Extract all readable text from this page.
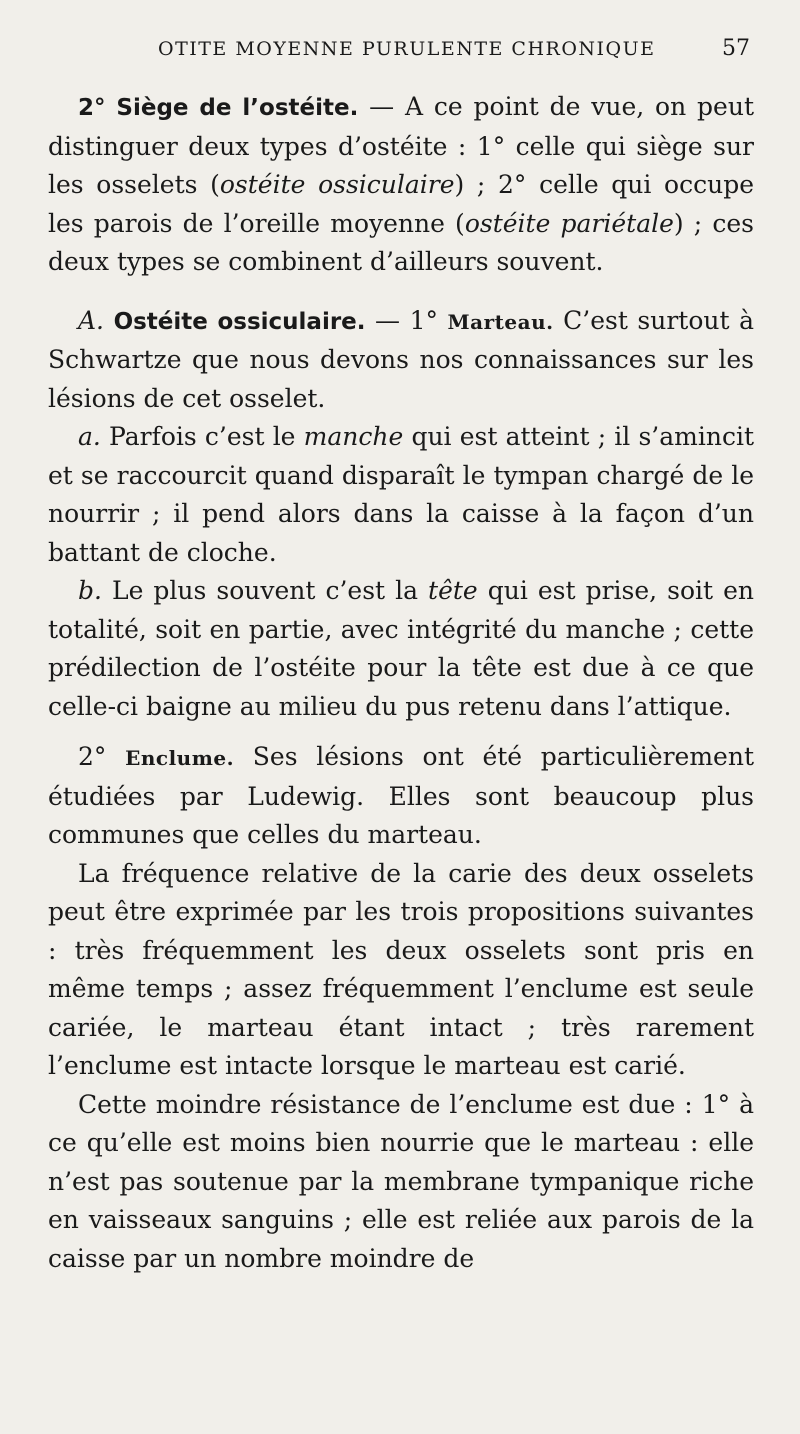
OTITE MOYENNE PURULENTE CHRONIQUE	57

2° Siège de l’ostéite. — A ce point de vue, on peut distinguer deux types d’ostéite : 1° celle qui siège sur les osselets (ostéite ossiculaire) ; 2° celle qui occupe les parois de l’oreille moyenne (ostéite pariétale) ; ces deux types se combinent d’ailleurs souvent.

A. Ostéite ossiculaire. — 1° Marteau. C’est surtout à Schwartze que nous devons nos connaissances sur les lésions de cet osselet.

a. Parfois c’est le manche qui est atteint ; il s’amincit et se raccourcit quand disparaît le tympan chargé de le nourrir ; il pend alors dans la caisse à la façon d’un battant de cloche.

b. Le plus souvent c’est la tête qui est prise, soit en totalité, soit en partie, avec intégrité du manche ; cette prédilection de l’ostéite pour la tête est due à ce que celle-ci baigne au milieu du pus retenu dans l’attique.

2° Enclume. Ses lésions ont été particulièrement étudiées par Ludewig. Elles sont beaucoup plus communes que celles du marteau.

La fréquence relative de la carie des deux osselets peut être exprimée par les trois propositions suivantes : très fréquemment les deux osselets sont pris en même temps ; assez fréquemment l’enclume est seule cariée, le marteau étant intact ; très rarement l’enclume est intacte lorsque le marteau est carié.

Cette moindre résistance de l’enclume est due : 1° à ce qu’elle est moins bien nourrie que le marteau : elle n’est pas soutenue par la membrane tympanique riche en vaisseaux sanguins ; elle est reliée aux parois de la caisse par un nombre moindre de
